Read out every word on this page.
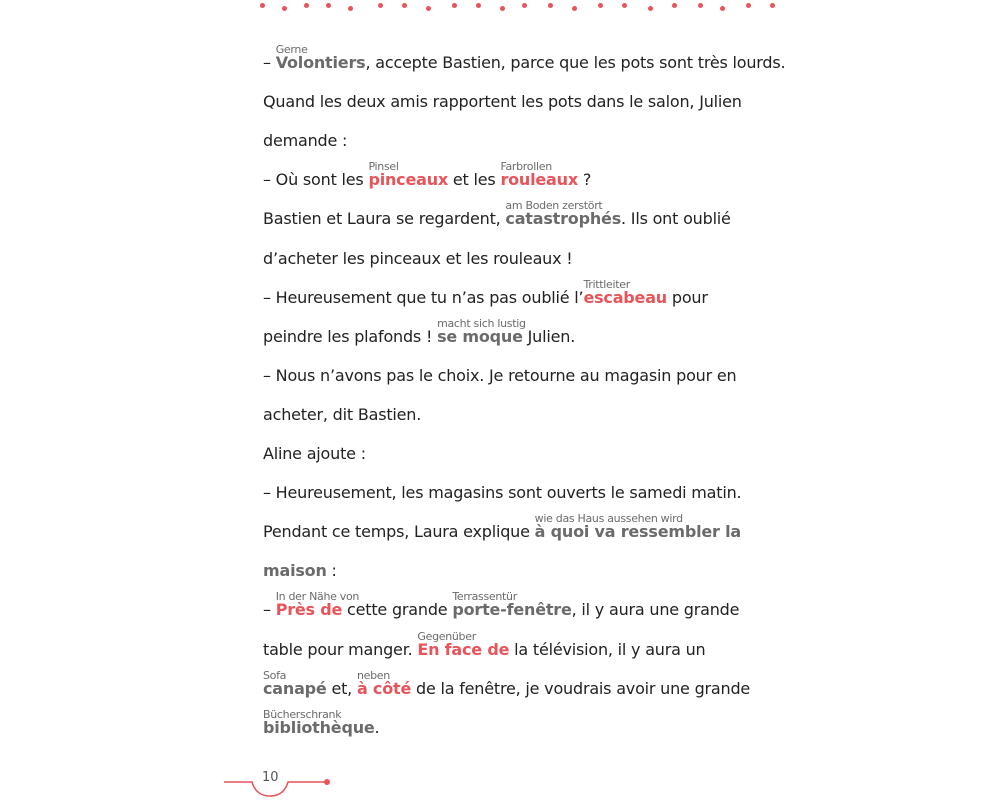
– Volontiers
Gerne
, accepte Bastien, parce que les pots sont très lourds.
Quand les deux amis rapportent les pots dans le salon, Julien
demande :
– Où sont les pinceaux
Pinsel
et les rouleaux
Farbrollen
?
Bastien et Laura se regardent, catastrophés
am Boden zerstört
. Ils ont oublié
d’acheter les pinceaux et les rouleaux !
– Heureusement que tu n’as pas oublié l’escabeau
Trittleiter
pour
peindre les plafonds ! se moque
macht sich lustig
Julien.
– Nous n’avons pas le choix. Je retourne au magasin pour en
acheter, dit Bastien.
Aline ajoute :
– Heureusement, les magasins sont ouverts le samedi matin.
Pendant ce temps, Laura explique à quoi va ressembler la
wie das Haus aussehen wird
maison :
– Près de
In der Nähe von
cette grande porte-fenêtre
Terrassentür
, il y aura une grande
table pour manger. En face de
Gegenüber
la télévision, il y aura un
canapé
Sofa
et, à côté
neben
de la fenêtre, je voudrais avoir une grande
bibliothèque
Bücherschrank
.
10
